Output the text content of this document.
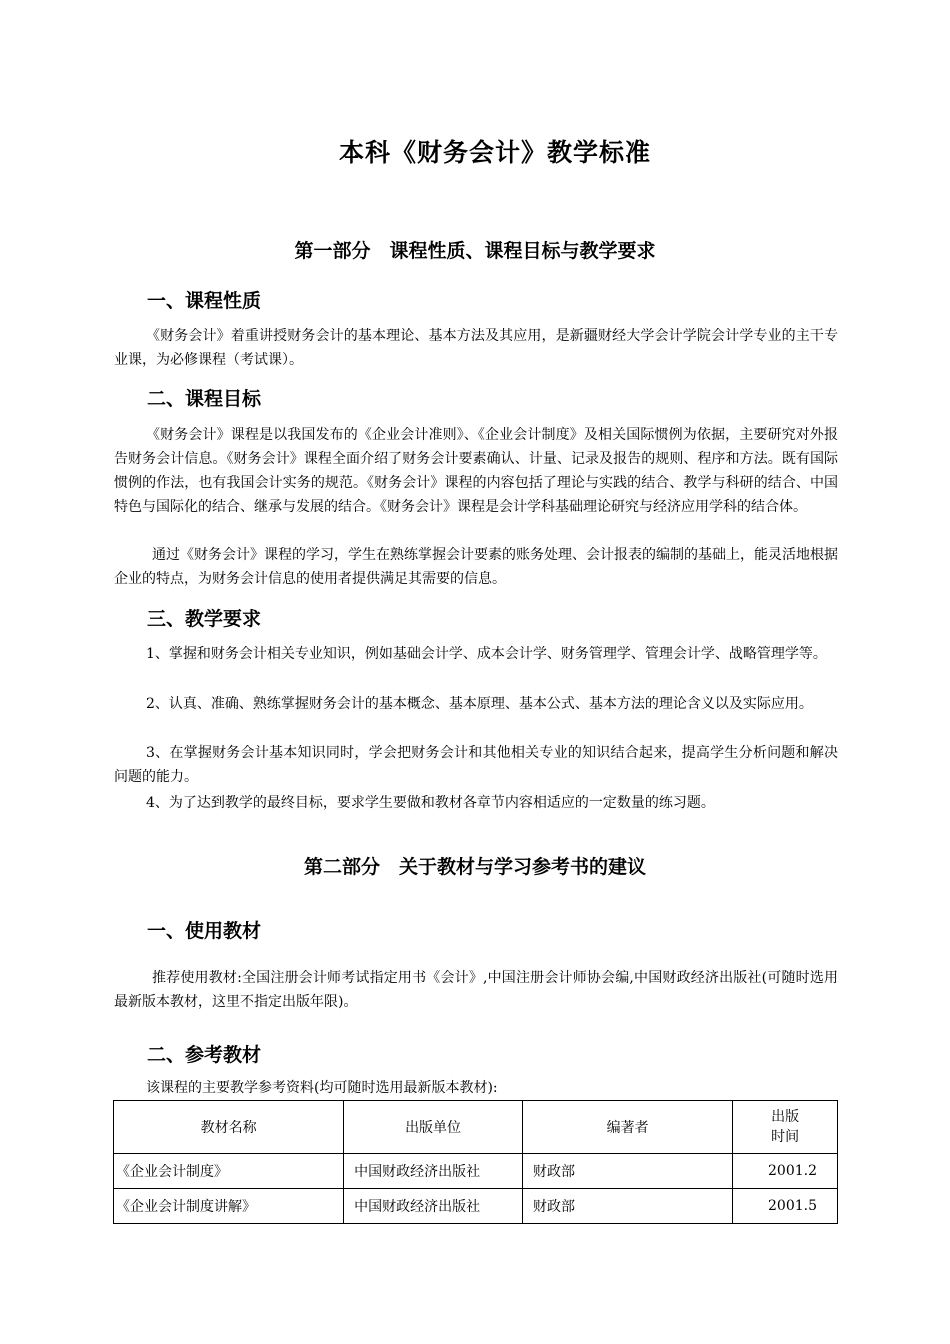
本科《财务会计》教学标准
第一部分　课程性质、课程目标与教学要求
一、课程性质

《财务会计》着重讲授财务会计的基本理论、基本方法及其应用，是新疆财经大学会计学院会计学专业的主干专业课，为必修课程（考试课）。

二、课程目标

《财务会计》课程是以我国发布的《企业会计准则》、《企业会计制度》及相关国际惯例为依据，主要研究对外报告财务会计信息。《财务会计》课程全面介绍了财务会计要素确认、计量、记录及报告的规则、程序和方法。既有国际惯例的作法，也有我国会计实务的规范。《财务会计》课程的内容包括了理论与实践的结合、教学与科研的结合、中国特色与国际化的结合、继承与发展的结合。《财务会计》课程是会计学科基础理论研究与经济应用学科的结合体。

通过《财务会计》课程的学习，学生在熟练掌握会计要素的账务处理、会计报表的编制的基础上，能灵活地根据企业的特点，为财务会计信息的使用者提供满足其需要的信息。

三、教学要求

1、掌握和财务会计相关专业知识，例如基础会计学、成本会计学、财务管理学、管理会计学、战略管理学等。

2、认真、准确、熟练掌握财务会计的基本概念、基本原理、基本公式、基本方法的理论含义以及实际应用。

3、在掌握财务会计基本知识同时，学会把财务会计和其他相关专业的知识结合起来，提高学生分析问题和解决问题的能力。

4、为了达到教学的最终目标，要求学生要做和教材各章节内容相适应的一定数量的练习题。

第二部分　关于教材与学习参考书的建议
一、使用教材

推荐使用教材:全国注册会计师考试指定用书《会计》,中国注册会计师协会编,中国财政经济出版社(可随时选用最新版本教材，这里不指定出版年限)。

二、参考教材

该课程的主要教学参考资料(均可随时选用最新版本教材):

教材名称	出版单位	编著者	出版
时间

《企业会计制度》	中国财政经济出版社	财政部	2001.2
《企业会计制度讲解》	中国财政经济出版社	财政部	2001.5
